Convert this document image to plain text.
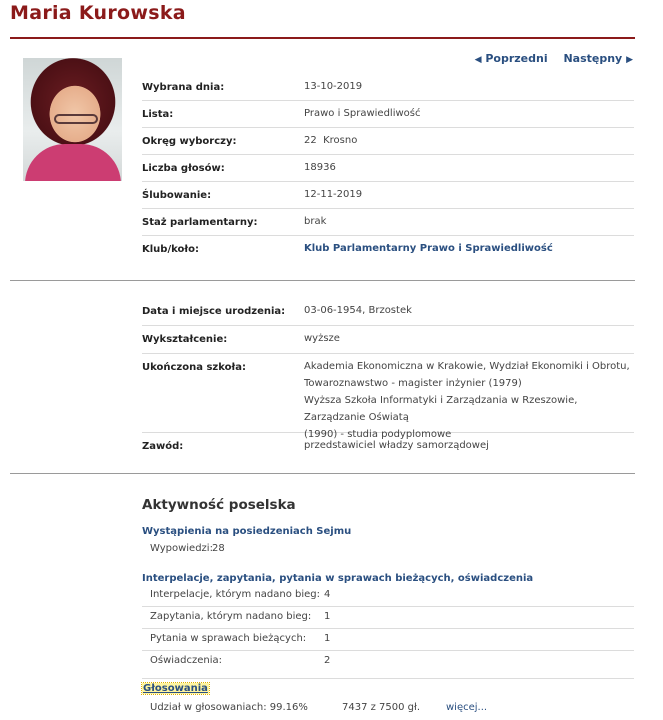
Maria Kurowska
◀ Poprzedni Następny ▶
Wybrana dnia:	13-10-2019
Lista:	Prawo i Sprawiedliwość
Okręg wyborczy:	22  Krosno
Liczba głosów:	18936
Ślubowanie:	12-11-2019
Staż parlamentarny:	brak
Klub/koło:	Klub Parlamentarny Prawo i Sprawiedliwość
Data i miejsce urodzenia: 03-06-1954, Brzostek
Wykształcenie:	wyższe
Ukończona szkoła:	Akademia Ekonomiczna w Krakowie, Wydział Ekonomiki i Obrotu,
Towaroznawstwo - magister inżynier (1979)
Wyższa Szkoła Informatyki i Zarządzania w Rzeszowie, Zarządzanie Oświatą
(1990) - studia podyplomowe
Zawód:	przedstawiciel władzy samorządowej
Aktywność poselska
Wystąpienia na posiedzeniach Sejmu
Wypowiedzi: 28
Interpelacje, zapytania, pytania w sprawach bieżących, oświadczenia
Interpelacje, którym nadano bieg: 4
Zapytania, którym nadano bieg: 1
Pytania w sprawach bieżących: 1
Oświadczenia:	2
Głosowania
Udział w głosowaniach: 99.16%	7437 z 7500 gł.	więcej...
